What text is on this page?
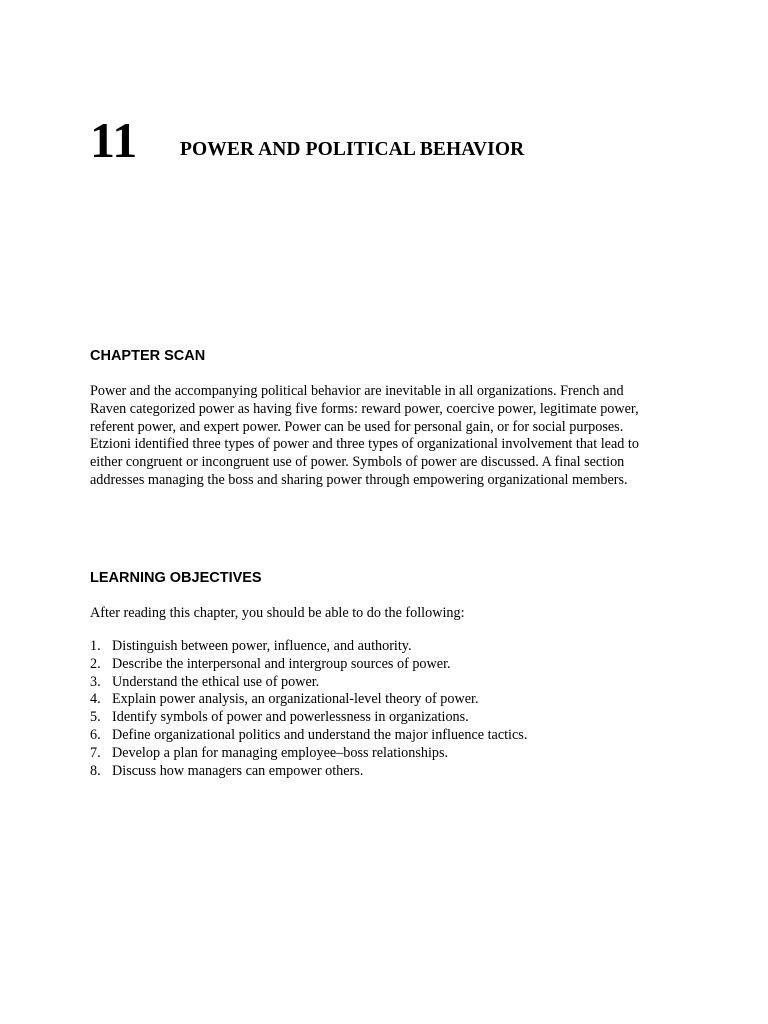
11 POWER AND POLITICAL BEHAVIOR
CHAPTER SCAN
Power and the accompanying political behavior are inevitable in all organizations. French and
Raven categorized power as having five forms: reward power, coercive power, legitimate power,
referent power, and expert power. Power can be used for personal gain, or for social purposes.
Etzioni identified three types of power and three types of organizational involvement that lead to
either congruent or incongruent use of power. Symbols of power are discussed. A final section
addresses managing the boss and sharing power through empowering organizational members.
LEARNING OBJECTIVES
After reading this chapter, you should be able to do the following:
1. Distinguish between power, influence, and authority.
2. Describe the interpersonal and intergroup sources of power.
3. Understand the ethical use of power.
4. Explain power analysis, an organizational-level theory of power.
5. Identify symbols of power and powerlessness in organizations.
6. Define organizational politics and understand the major influence tactics.
7. Develop a plan for managing employee–boss relationships.
8. Discuss how managers can empower others.
